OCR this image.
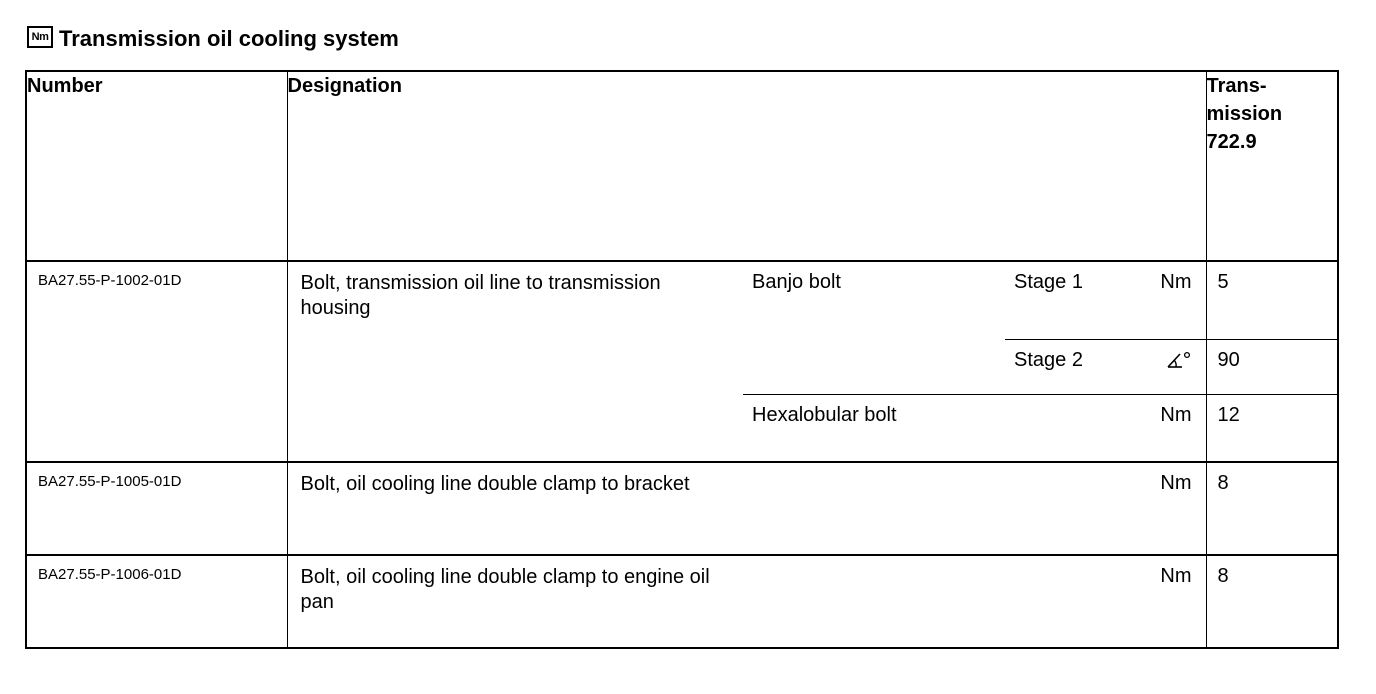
Nm Transmission oil cooling system
Number	Designation				Trans-
mission
722.9

BA27.55-P-1002-01D	Bolt, transmission oil line to transmission housing	Banjo bolt	Stage 1	Nm	5
			Stage 2		90
		Hexalobular bolt		Nm	12
BA27.55-P-1005-01D	Bolt, oil cooling line double clamp to bracket			Nm	8
BA27.55-P-1006-01D	Bolt, oil cooling line double clamp to engine oil pan			Nm	8
